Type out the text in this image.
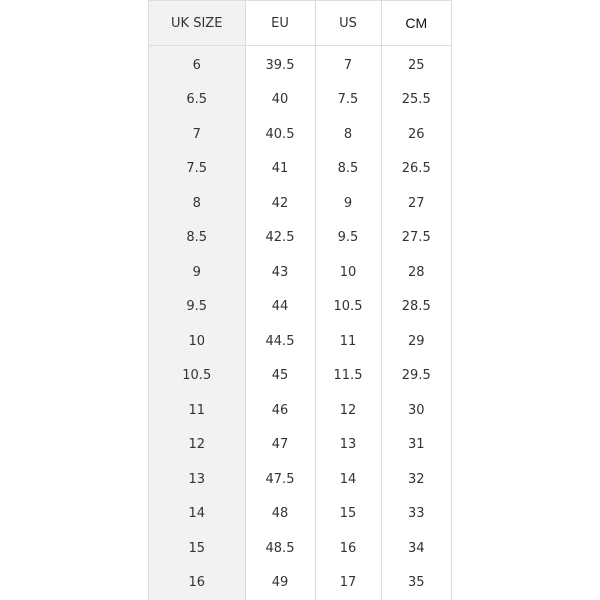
UK SIZE	EU	US	CM
6	39.5	7	25
6.5	40	7.5	25.5
7	40.5	8	26
7.5	41	8.5	26.5
8	42	9	27
8.5	42.5	9.5	27.5
9	43	10	28
9.5	44	10.5	28.5
10	44.5	11	29
10.5	45	11.5	29.5
11	46	12	30
12	47	13	31
13	47.5	14	32
14	48	15	33
15	48.5	16	34
16	49	17	35
